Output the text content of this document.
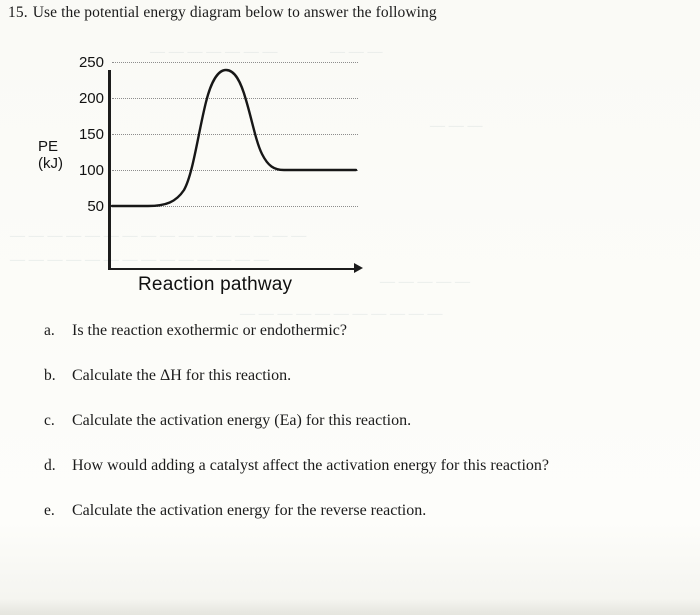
15. Use the potential energy diagram below to answer the following
250
200
150
100
50
PE
(kJ)
Reaction pathway
a. Is the reaction exothermic or endothermic?
b. Calculate the ΔH for this reaction.
c. Calculate the activation energy (Ea) for this reaction.
d. How would adding a catalyst affect the activation energy for this reaction?
e. Calculate the activation energy for the reverse reaction.
